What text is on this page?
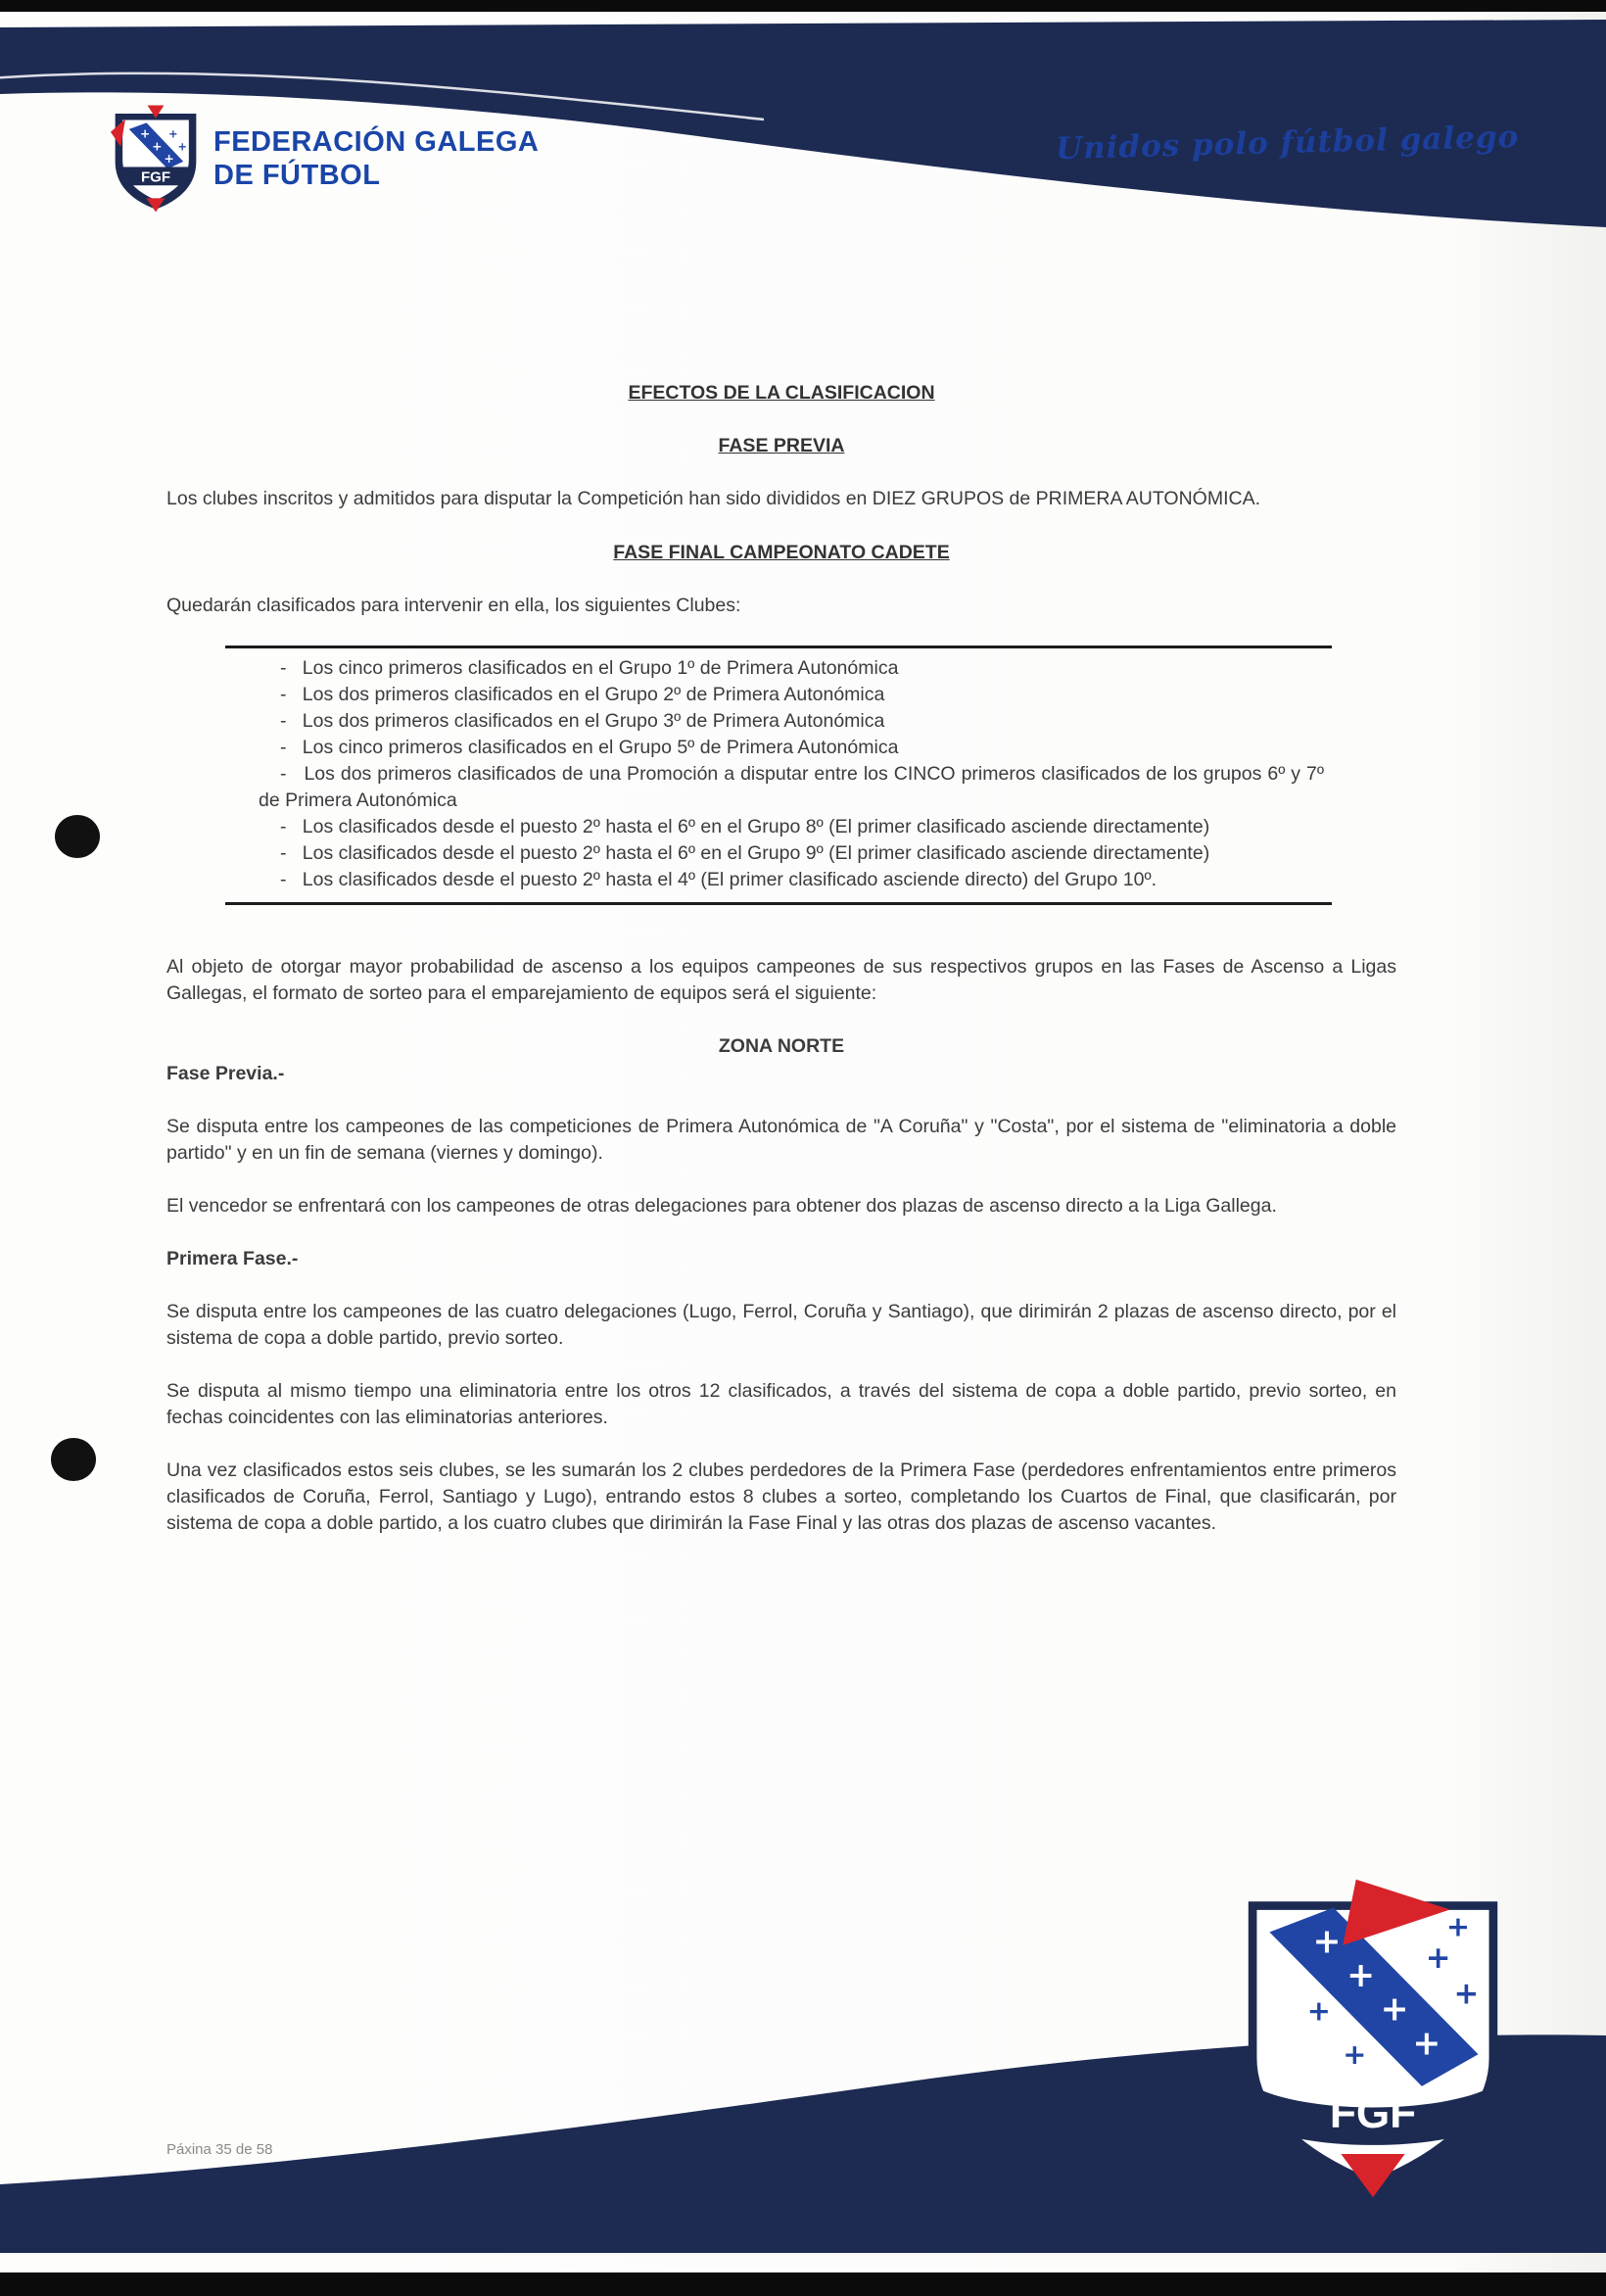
+
+
+
+
+
FGF
FEDERACIÓN GALEGA
DE FÚTBOL
Unidos polo fútbol galego
EFECTOS DE LA CLASIFICACION
FASE PREVIA
Los clubes inscritos y admitidos para disputar la Competición han sido divididos en DIEZ GRUPOS de PRIMERA AUTONÓMICA.
FASE FINAL CAMPEONATO CADETE
Quedarán clasificados para intervenir en ella, los siguientes Clubes:
-   Los cinco primeros clasificados en el Grupo 1º de Primera Autonómica
-   Los dos primeros clasificados en el Grupo 2º de Primera Autonómica
-   Los dos primeros clasificados en el Grupo 3º de Primera Autonómica
-   Los cinco primeros clasificados en el Grupo 5º de Primera Autonómica
-   Los dos primeros clasificados de una Promoción a disputar entre los CINCO primeros clasificados de los grupos 6º y 7º de Primera Autonómica
-   Los clasificados desde el puesto 2º hasta el 6º en el Grupo 8º (El primer clasificado asciende directamente)
-   Los clasificados desde el puesto 2º hasta el 6º en el Grupo 9º (El primer clasificado asciende directamente)
-   Los clasificados desde el puesto 2º hasta el 4º (El primer clasificado asciende directo) del Grupo 10º.
Al objeto de otorgar mayor probabilidad de ascenso a los equipos campeones de sus respectivos grupos en las Fases de Ascenso a Ligas Gallegas, el formato de sorteo para el emparejamiento de equipos será el siguiente:
ZONA NORTE
Fase Previa.-
Se disputa entre los campeones de las competiciones de Primera Autonómica de "A Coruña" y "Costa", por el sistema de "eliminatoria a doble partido" y en un fin de semana (viernes y domingo).
El vencedor se enfrentará con los campeones de otras delegaciones para obtener dos plazas de ascenso directo a la Liga Gallega.
Primera Fase.-
Se disputa entre los campeones de las cuatro delegaciones (Lugo, Ferrol, Coruña y Santiago), que dirimirán 2 plazas de ascenso directo, por el sistema de copa a doble partido, previo sorteo.
Se disputa al mismo tiempo una eliminatoria entre los otros 12 clasificados, a través del sistema de copa a doble partido, previo sorteo, en fechas coincidentes con las eliminatorias anteriores.
Una vez clasificados estos seis clubes, se les sumarán los 2 clubes perdedores de la Primera Fase (perdedores enfrentamientos entre primeros clasificados de Coruña, Ferrol, Santiago y Lugo), entrando estos 8 clubes a sorteo, completando los Cuartos de Final, que clasificarán, por sistema de copa a doble partido, a los cuatro clubes que dirimirán la Fase Final y las otras dos plazas de ascenso vacantes.
Páxina 35 de 58
+
+
+
+
+
+
+
+
+
FGF
